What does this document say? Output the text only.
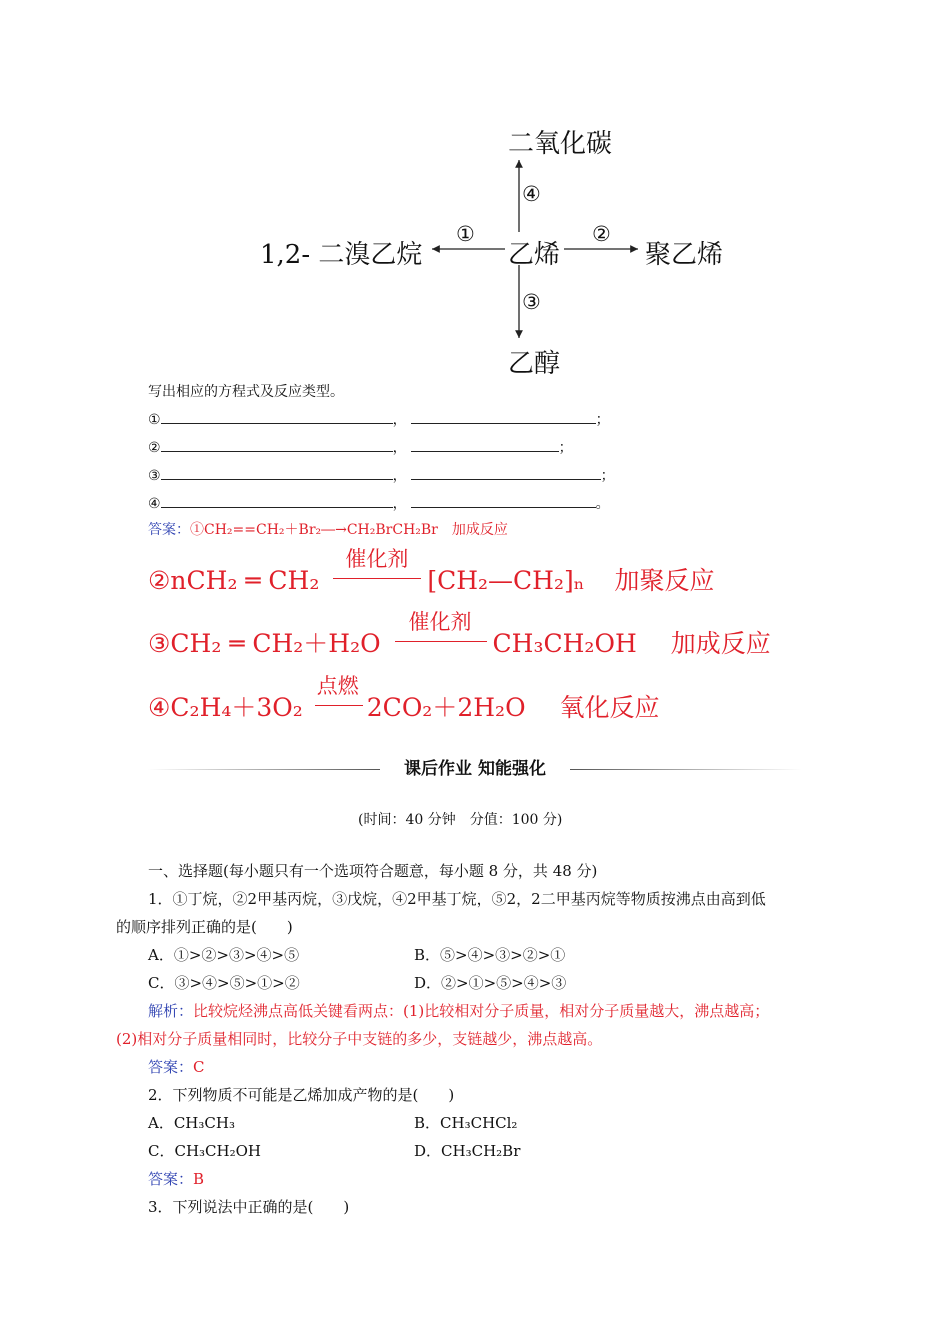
二氧化碳
④
1,2- 二溴乙烷
①
乙烯
②
聚乙烯
③
乙醇
写出相应的方程式及反应类型。
①	，	；
②	，	；
③	，	；
④	，	。
答案：①CH₂==CH₂＋Br₂―→CH₂BrCH₂Br　加成反应
②nCH₂ ═ CH₂
催化剂
[CH₂—CH₂]ₙ 加聚反应
③CH₂ ═ CH₂＋H₂O
催化剂
CH₃CH₂OH 加成反应
④C₂H₄＋3O₂
点燃
2CO₂＋2H₂O 氧化反应
课后作业 知能强化
(时间：40 分钟　分值：100 分)
一、选择题(每小题只有一个选项符合题意，每小题 8 分，共 48 分)
1．①丁烷，②2甲基丙烷，③戊烷，④2甲基丁烷，⑤2，2二甲基丙烷等物质按沸点由高到低
的顺序排列正确的是(　　)
A．①>②>③>④>⑤	B．⑤>④>③>②>①
C．③>④>⑤>①>②	D．②>①>⑤>④>③
解析：比较烷烃沸点高低关键看两点：(1)比较相对分子质量，相对分子质量越大，沸点越高；
(2)相对分子质量相同时，比较分子中支链的多少，支链越少，沸点越高。
答案：C
2．下列物质不可能是乙烯加成产物的是(　　)
A．CH₃CH₃	B．CH₃CHCl₂
C．CH₃CH₂OH	D．CH₃CH₂Br
答案：B
3．下列说法中正确的是(　　)
